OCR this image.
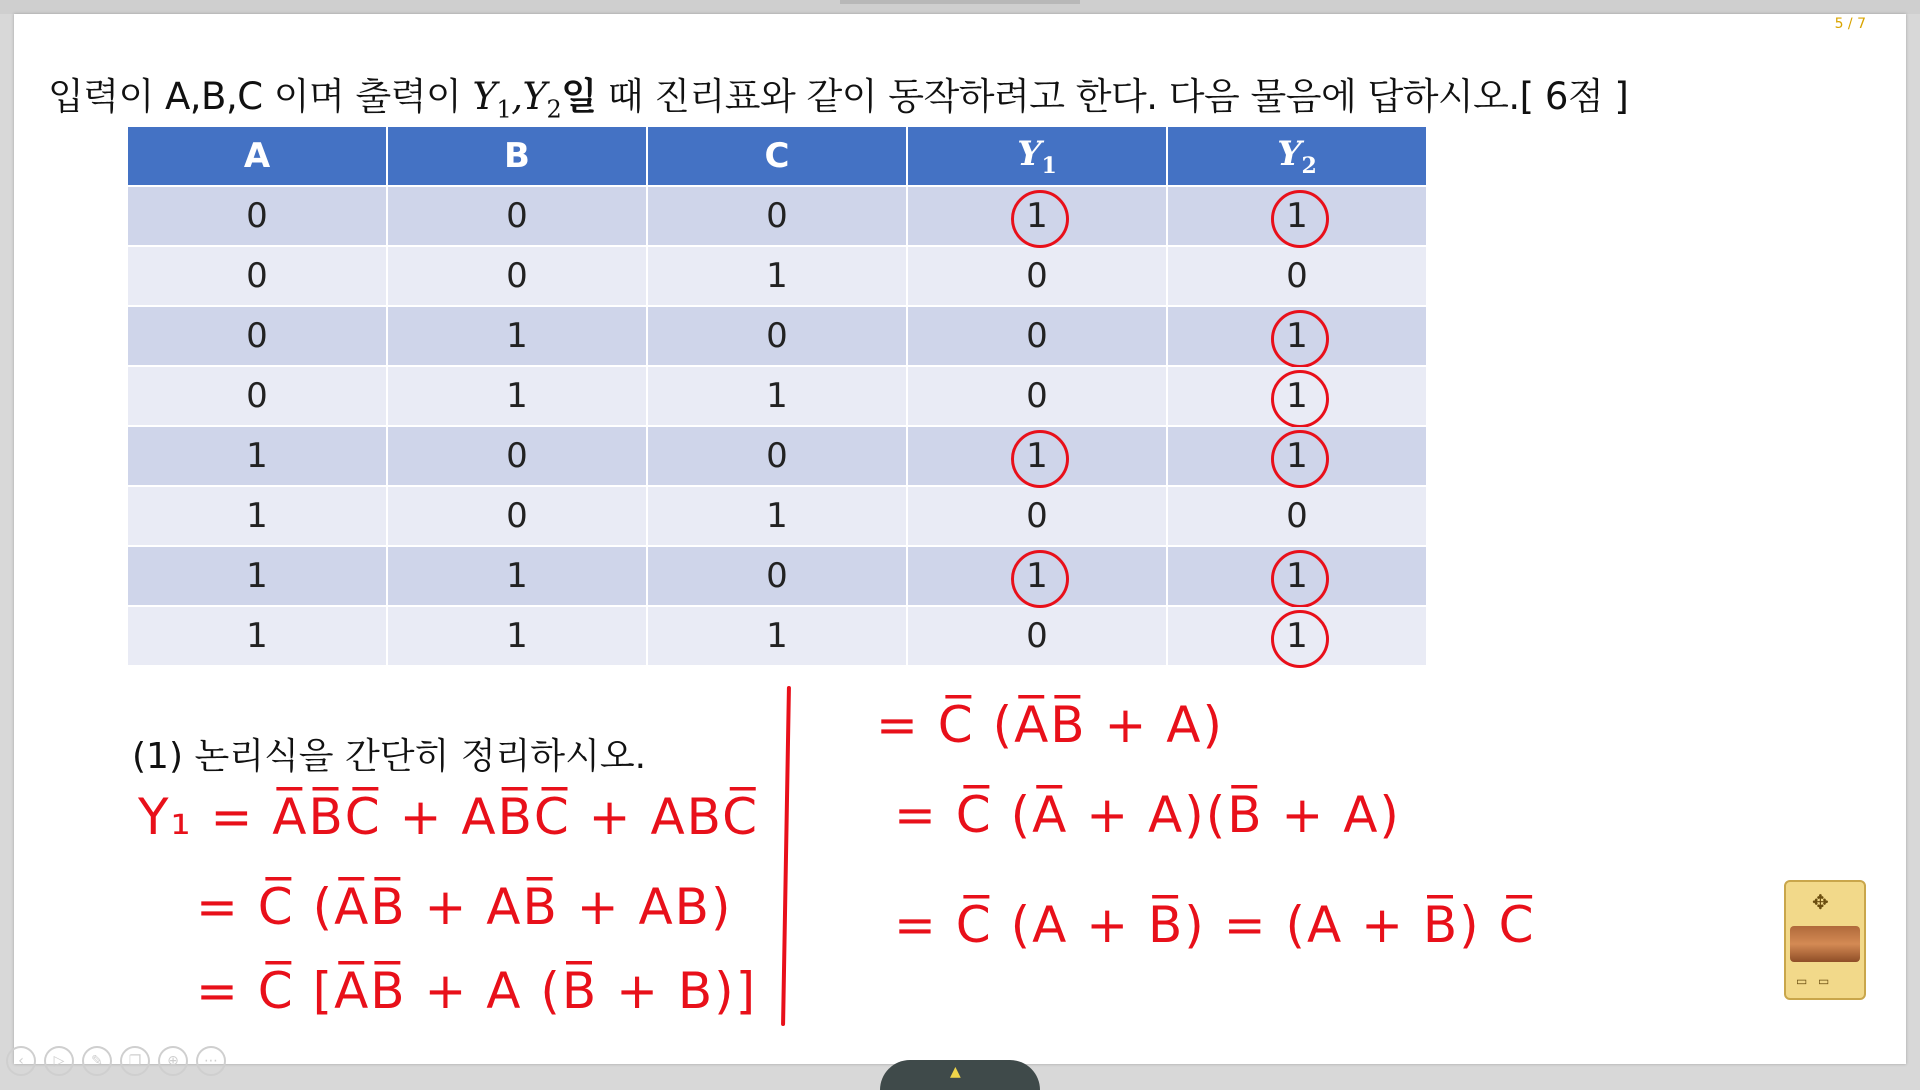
5 / 7
입력이 A,B,C 이며 출력이 $Y_1,Y_2$일 때 진리표와 같이 동작하려고 한다. 다음 물음에 답하시오.[ 6점 ]
A	B	C	$Y_1$	$Y_2$
0	0	0	1	1
0	0	1	0	0
0	1	0	0	1
0	1	1	0	1
1	0	0	1	1
1	0	1	0	0
1	1	0	1	1
1	1	1	0	1
(1) 논리식을 간단히 정리하시오.
Y₁ = A̅B̅C̅ + AB̅C̅ + ABC̅
= C̅ (A̅B̅ + AB̅ + AB)
= C̅ [A̅B̅ + A (B̅ + B)]
= C̅ (A̅B̅ + A)
= C̅ (A̅ + A)(B̅ + A)
= C̅ (A + B̅) = (A + B̅) C̅	✥
▭ ▭
‹	▷	✎	❐	⊕	⋯
▲
